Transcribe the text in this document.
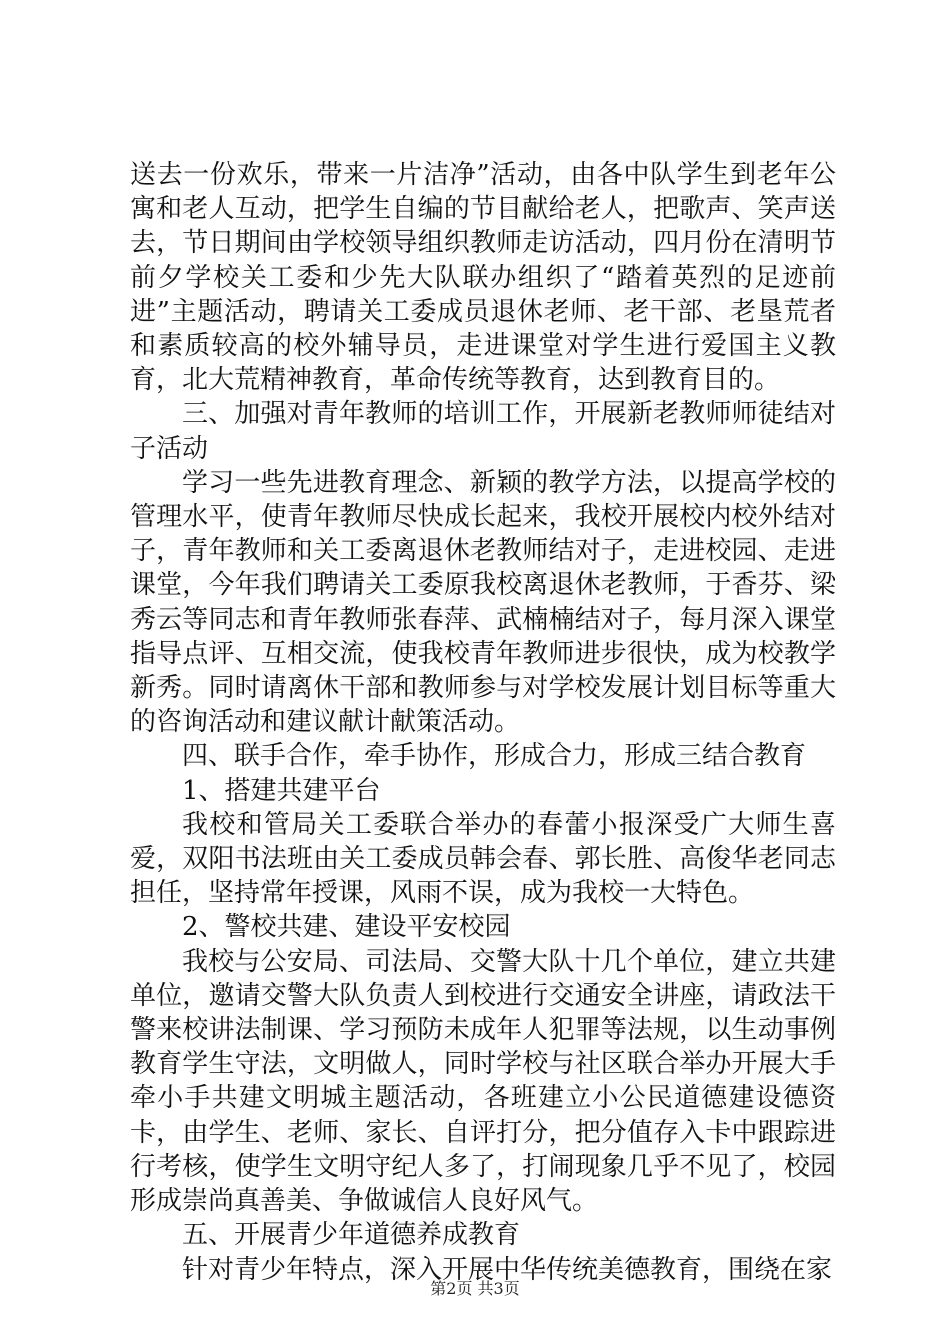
送去一份欢乐，带来一片洁净”活动，由各中队学生到老年公寓和老人互动，把学生自编的节目献给老人，把歌声、笑声送去，节日期间由学校领导组织教师走访活动，四月份在清明节前夕学校关工委和少先大队联办组织了“踏着英烈的足迹前进”主题活动，聘请关工委成员退休老师、老干部、老垦荒者和素质较高的校外辅导员，走进课堂对学生进行爱国主义教育，北大荒精神教育，革命传统等教育，达到教育目的。

三、加强对青年教师的培训工作，开展新老教师师徒结对子活动

学习一些先进教育理念、新颖的教学方法，以提高学校的管理水平，使青年教师尽快成长起来，我校开展校内校外结对子，青年教师和关工委离退休老教师结对子，走进校园、走进课堂，今年我们聘请关工委原我校离退休老教师，于香芬、梁秀云等同志和青年教师张春萍、武楠楠结对子，每月深入课堂指导点评、互相交流，使我校青年教师进步很快，成为校教学新秀。同时请离休干部和教师参与对学校发展计划目标等重大的咨询活动和建议献计献策活动。

四、联手合作，牵手协作，形成合力，形成三结合教育

1、搭建共建平台

我校和管局关工委联合举办的春蕾小报深受广大师生喜爱，双阳书法班由关工委成员韩会春、郭长胜、高俊华老同志担任，坚持常年授课，风雨不误，成为我校一大特色。

2、警校共建、建设平安校园

我校与公安局、司法局、交警大队十几个单位，建立共建单位，邀请交警大队负责人到校进行交通安全讲座，请政法干警来校讲法制课、学习预防未成年人犯罪等法规，以生动事例教育学生守法，文明做人，同时学校与社区联合举办开展大手牵小手共建文明城主题活动，各班建立小公民道德建设德资卡，由学生、老师、家长、自评打分，把分值存入卡中跟踪进行考核，使学生文明守纪人多了，打闹现象几乎不见了，校园形成崇尚真善美、争做诚信人良好风气。

五、开展青少年道德养成教育

针对青少年特点，深入开展中华传统美德教育，围绕在家

第2页 共3页
